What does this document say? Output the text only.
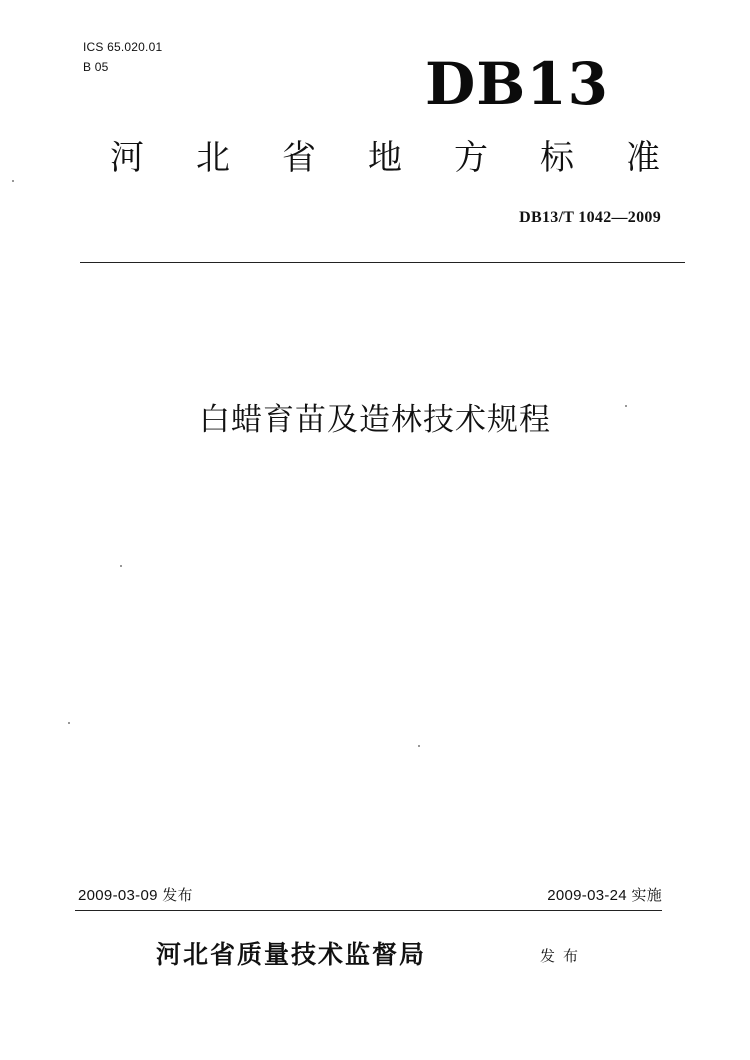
ICS 65.020.01
B 05	DB13
河 北 省 地 方 标 准
DB13/T 1042—2009
白蜡育苗及造林技术规程
2009-03-09 发布	2009-03-24 实施
河北省质量技术监督局	发布
